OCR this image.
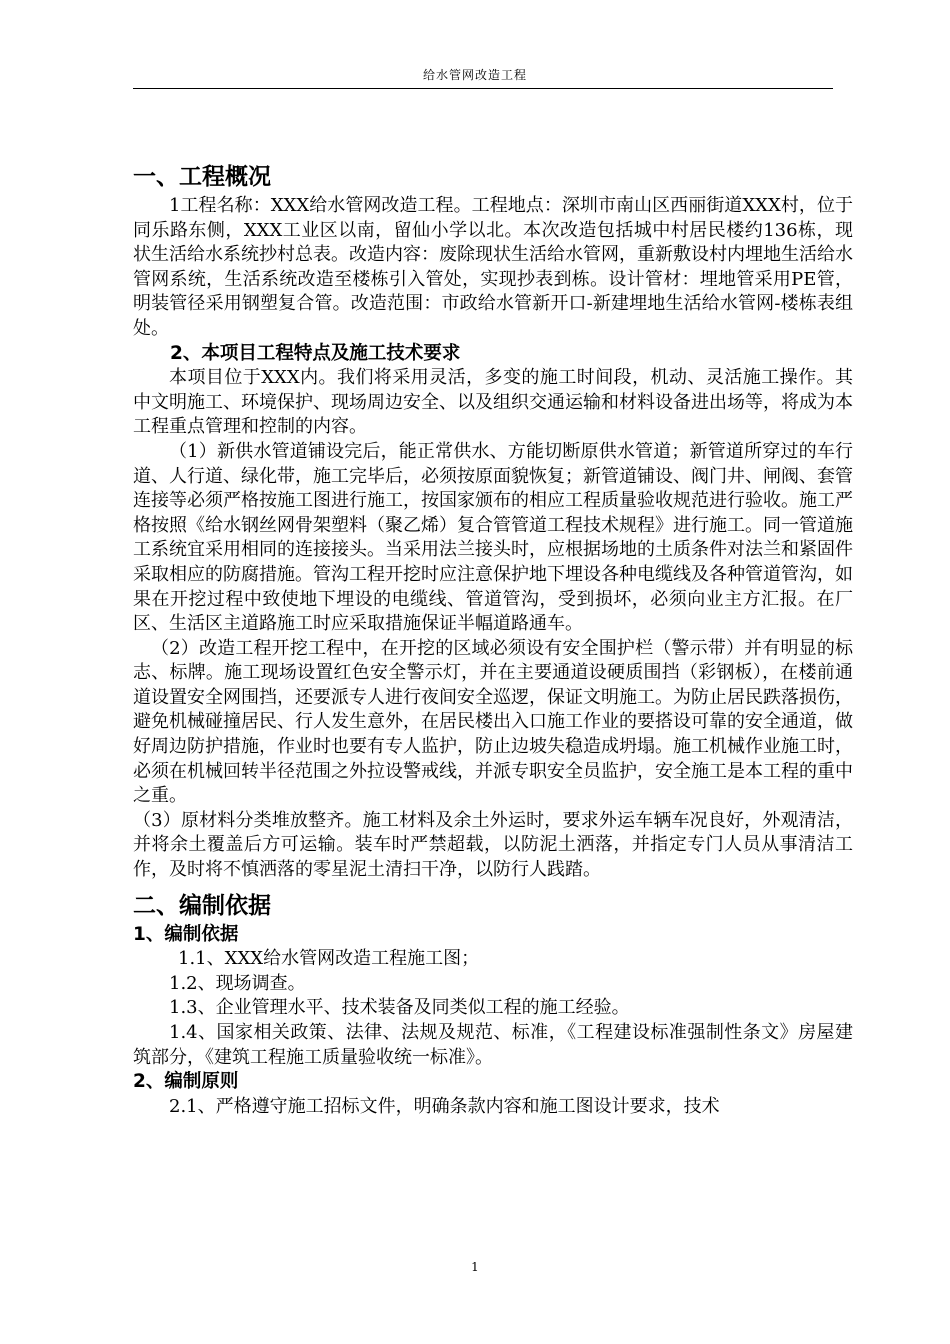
给水管网改造工程

一、工程概况

1工程名称：XXX给水管网改造工程。工程地点：深圳市南山区西丽街道XXX村，位于同乐路东侧，XXX工业区以南，留仙小学以北。本次改造包括城中村居民楼约136栋，现状生活给水系统抄村总表。改造内容：废除现状生活给水管网，重新敷设村内埋地生活给水管网系统，生活系统改造至楼栋引入管处，实现抄表到栋。设计管材：埋地管采用PE管，明装管径采用钢塑复合管。改造范围：市政给水管新开口-新建埋地生活给水管网-楼栋表组处。

2、本项目工程特点及施工技术要求

本项目位于XXX内。我们将采用灵活，多变的施工时间段，机动、灵活施工操作。其中文明施工、环境保护、现场周边安全、以及组织交通运输和材料设备进出场等，将成为本工程重点管理和控制的内容。

（1）新供水管道铺设完后，能正常供水、方能切断原供水管道；新管道所穿过的车行道、人行道、绿化带，施工完毕后，必须按原面貌恢复；新管道铺设、阀门井、闸阀、套管连接等必须严格按施工图进行施工，按国家颁布的相应工程质量验收规范进行验收。施工严格按照《给水钢丝网骨架塑料（聚乙烯）复合管管道工程技术规程》进行施工。同一管道施工系统宜采用相同的连接接头。当采用法兰接头时，应根据场地的土质条件对法兰和紧固件采取相应的防腐措施。管沟工程开挖时应注意保护地下埋设各种电缆线及各种管道管沟，如果在开挖过程中致使地下埋设的电缆线、管道管沟，受到损坏，必须向业主方汇报。在厂区、生活区主道路施工时应采取措施保证半幅道路通车。

（2）改造工程开挖工程中，在开挖的区域必须设有安全围护栏（警示带）并有明显的标志、标牌。施工现场设置红色安全警示灯，并在主要通道设硬质围挡（彩钢板），在楼前通道设置安全网围挡，还要派专人进行夜间安全巡逻，保证文明施工。为防止居民跌落损伤，避免机械碰撞居民、行人发生意外，在居民楼出入口施工作业的要搭设可靠的安全通道，做好周边防护措施，作业时也要有专人监护，防止边坡失稳造成坍塌。施工机械作业施工时，必须在机械回转半径范围之外拉设警戒线，并派专职安全员监护，安全施工是本工程的重中之重。

（3）原材料分类堆放整齐。施工材料及余土外运时，要求外运车辆车况良好，外观清洁，并将余土覆盖后方可运输。装车时严禁超载，以防泥土洒落，并指定专门人员从事清洁工作，及时将不慎洒落的零星泥土清扫干净，以防行人践踏。

二、编制依据

1、编制依据

1.1、XXX给水管网改造工程施工图；

1.2、现场调查。

1.3、企业管理水平、技术装备及同类似工程的施工经验。

1.4、国家相关政策、法律、法规及规范、标准，《工程建设标准强制性条文》房屋建筑部分，《建筑工程施工质量验收统一标准》。

2、编制原则

2.1、严格遵守施工招标文件，明确条款内容和施工图设计要求，技术

1
